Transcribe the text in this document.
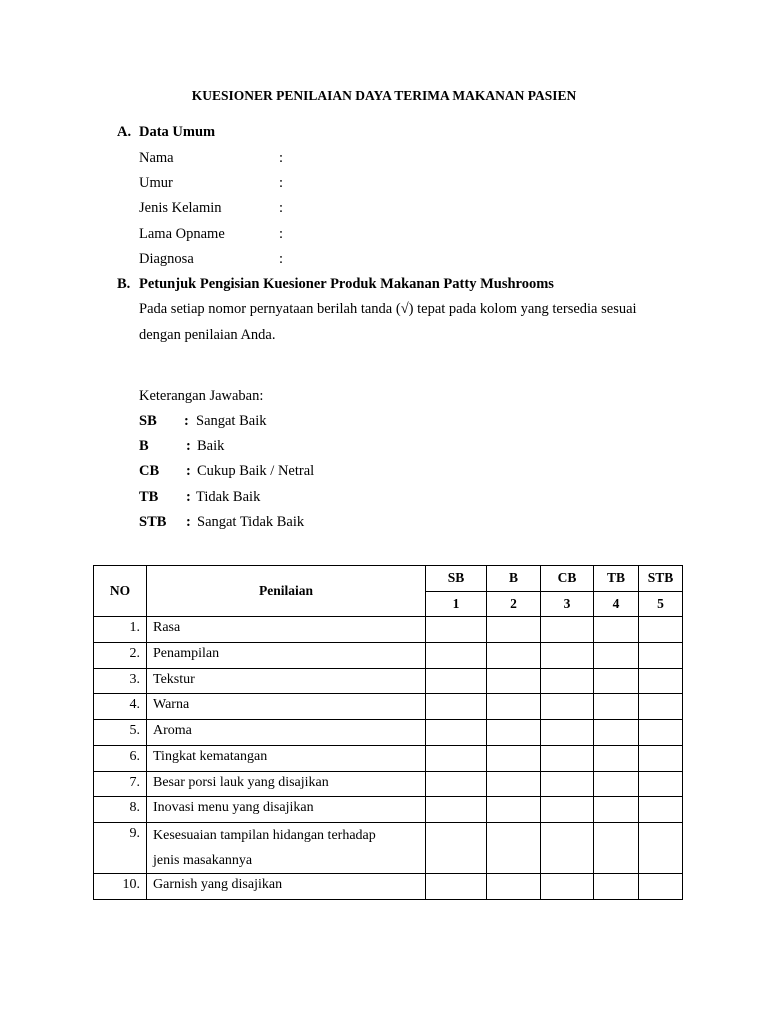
KUESIONER PENILAIAN DAYA TERIMA MAKANAN PASIEN
A. Data Umum
Nama	:
Umur	:
Jenis Kelamin	:
Lama Opname	:
Diagnosa	:
B. Petunjuk Pengisian Kuesioner Produk Makanan Patty Mushrooms
Pada setiap nomor pernyataan berilah tanda (√) tepat pada kolom yang tersedia sesuai
dengan penilaian Anda.
Keterangan Jawaban:
SB : Sangat Baik
B	: Baik
CB : Cukup Baik / Netral
TB : Tidak Baik
STB : Sangat Tidak Baik
NO	Penilaian	SB	B	CB	TB	STB
		1	2	3	4	5
1.	Rasa					
2.	Penampilan					
3.	Tekstur					
4.	Warna					
5.	Aroma					
6.	Tingkat kematangan					
7.	Besar porsi lauk yang disajikan					
8.	Inovasi menu yang disajikan					
9.	Kesesuaian tampilan hidangan terhadap
jenis masakannya					

10.	Garnish yang disajikan					
